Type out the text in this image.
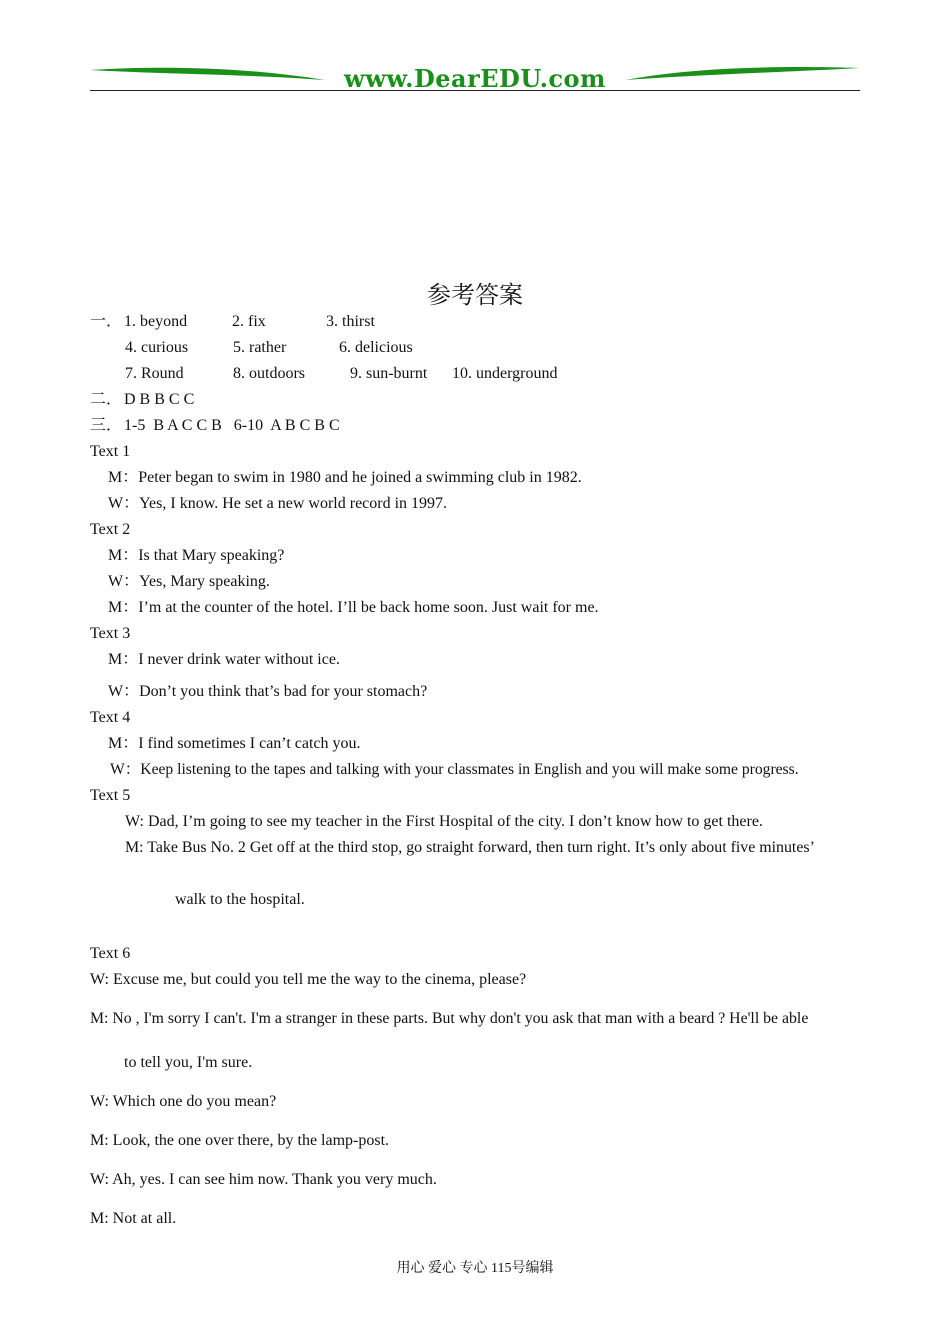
www.DearEDU.com
参考答案
一． 1. beyond	2. fix	3. thirst
4. curious	5. rather	6. delicious
7. Round	8. outdoors	9. sun-burnt 10. underground
二． D B B C C
三． 1-5  B A C C B   6-10  A B C B C
Text 1
M：Peter began to swim in 1980 and he joined a swimming club in 1982.
W：Yes, I know. He set a new world record in 1997.
Text 2
M：Is that Mary speaking?
W：Yes, Mary speaking.
M：I’m at the counter of the hotel. I’ll be back home soon. Just wait for me.
Text 3
M：I never drink water without ice.
W：Don’t you think that’s bad for your stomach?
Text 4
M：I find sometimes I can’t catch you.
W：Keep listening to the tapes and talking with your classmates in English and you will make some progress.
Text 5
W: Dad, I’m going to see my teacher in the First Hospital of the city. I don’t know how to get there.
M: Take Bus No. 2 Get off at the third stop, go straight forward, then turn right. It’s only about five minutes’
walk to the hospital.
Text 6
W: Excuse me, but could you tell me the way to the cinema, please?
M: No , I'm sorry I can't. I'm a stranger in these parts. But why don't you ask that man with a beard ? He'll be able
to tell you, I'm sure.
W: Which one do you mean?
M: Look, the one over there, by the lamp-post.
W: Ah, yes. I can see him now. Thank you very much.
M: Not at all.
用心 爱心 专心 115号编辑
